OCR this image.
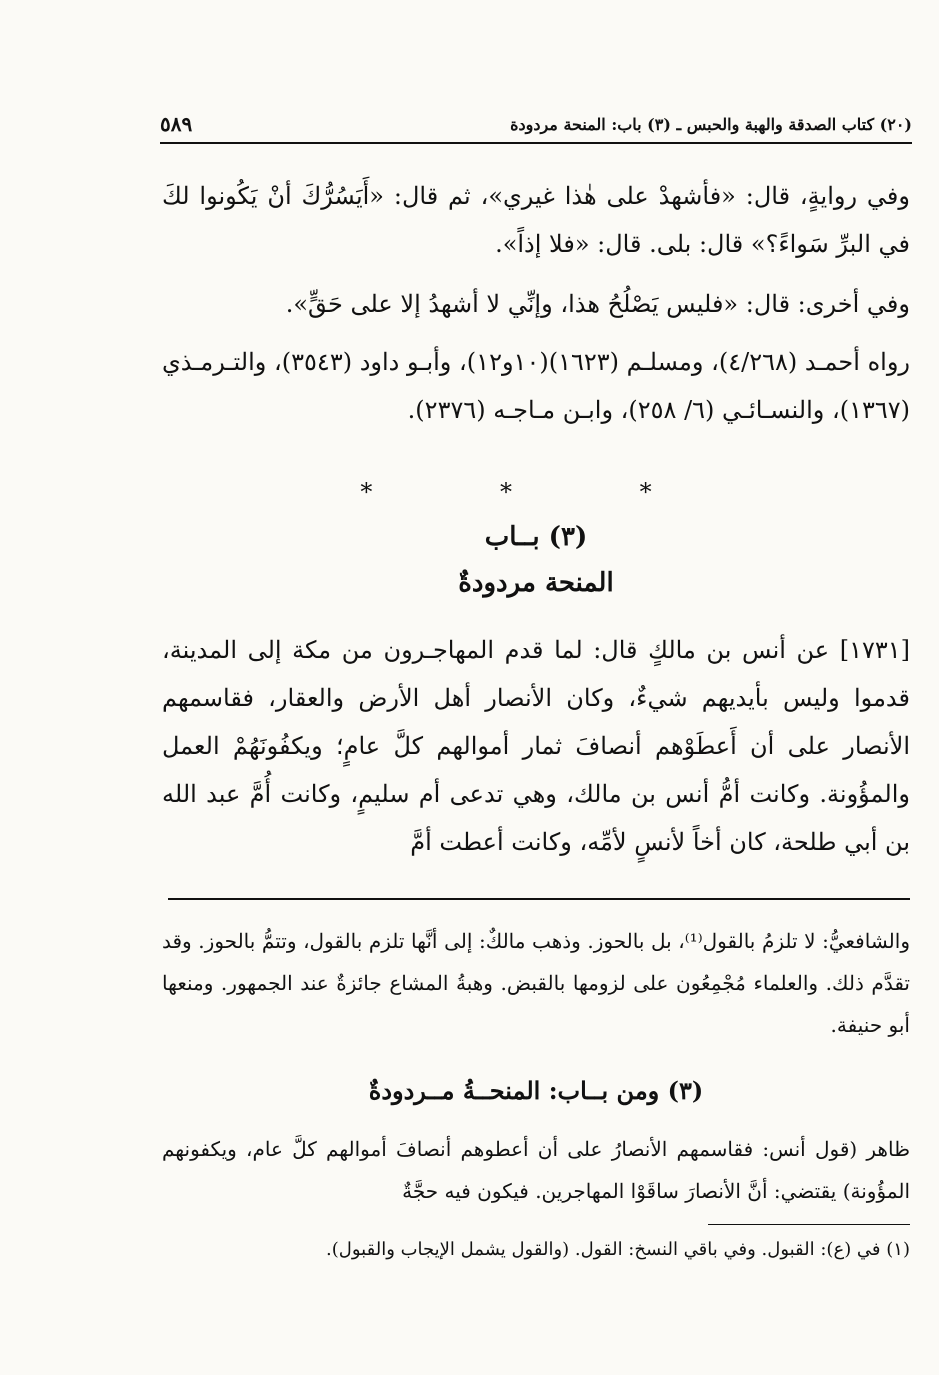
٥٨٩	(٢٠) كتاب الصدقة والهبة والحبس ـ (٣) باب: المنحة مردودة

وفي روايةٍ، قال: «فأشهدْ على هٰذا غيري»، ثم قال: «أَيَسُرُّكَ أنْ يَكُونوا لكَ في البرِّ سَواءً؟» قال: بلى. قال: «فلا إذاً».

وفي أخرى: قال: «فليس يَصْلُحُ هذا، وإنِّي لا أشهدُ إلا على حَقٍّ».

رواه أحمـد (٤/٢٦٨)، ومسلـم (١٦٢٣)(١٠و١٢)، وأبـو داود (٣٥٤٣)، والتـرمـذي (١٣٦٧)، والنسـائـي (٦/ ٢٥٨)، وابـن مـاجـه (٢٣٧٦).

* * *
(٣) بــاب
المنحة مردودةٌ

[١٧٣١] عن أنس بن مالكٍ قال: لما قدم المهاجـرون من مكة إلى المدينة، قدموا وليس بأيديهم شيءٌ، وكان الأنصار أهل الأرض والعقار، فقاسمهم الأنصار على أن أَعطَوْهم أنصافَ ثمار أموالهم كلَّ عامٍ؛ ويكفُونَهُمْ العمل والمؤُونة. وكانت أمُّ أنس بن مالك، وهي تدعى أم سليمٍ، وكانت أُمَّ عبد الله بن أبي طلحة، كان أخاً لأنسٍ لأمِّه، وكانت أعطت أمَّ

والشافعيُّ: لا تلزمُ بالقول⁽¹⁾، بل بالحوز. وذهب مالكٌ: إلى أنَّها تلزم بالقول، وتتمُّ بالحوز. وقد تقدَّم ذلك. والعلماء مُجْمِعُون على لزومها بالقبض. وهبةُ المشاع جائزةٌ عند الجمهور. ومنعها أبو حنيفة.

(٣) ومن بــاب: المنحــةُ مــردودةٌ

ظاهر (قول أنس: فقاسمهم الأنصارُ على أن أعطوهم أنصافَ أموالهم كلَّ عام، ويكفونهم المؤُونة) يقتضي: أنَّ الأنصارَ ساقَوْا المهاجرين. فيكون فيه حجَّةٌ

(١) في (ع): القبول. وفي باقي النسخ: القول. (والقول يشمل الإيجاب والقبول).
